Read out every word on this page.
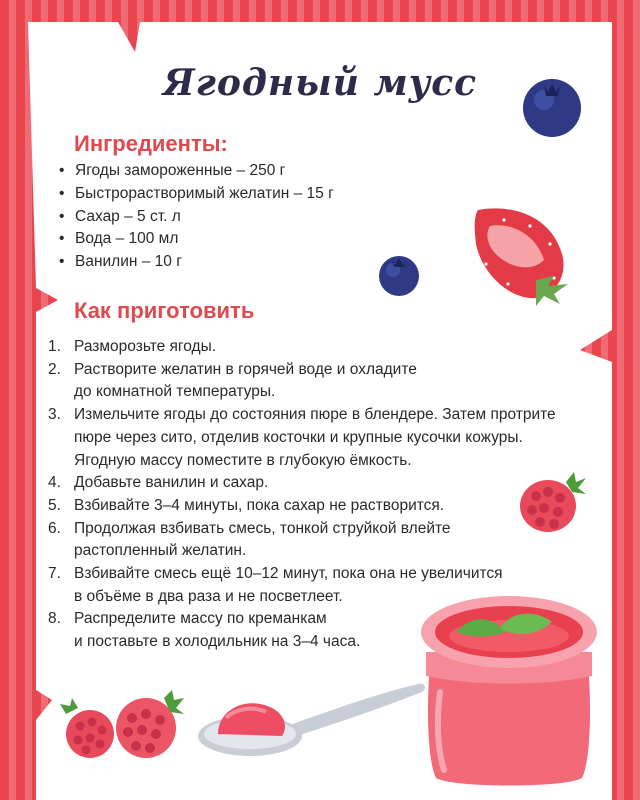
Ягодный мусс
Ингредиенты:
• Ягоды замороженные – 250 г
• Быстрорастворимый желатин – 15 г
• Сахар – 5 ст. л
• Вода – 100 мл
• Ванилин – 10 г
Как приготовить
1. Разморозьте ягоды.
2. Растворите желатин в горячей воде и охладите
до комнатной температуры.
3. Измельчите ягоды до состояния пюре в блендере. Затем протрите
пюре через сито, отделив косточки и крупные кусочки кожуры.
Ягодную массу поместите в глубокую ёмкость.
4. Добавьте ванилин и сахар.
5. Взбивайте 3–4 минуты, пока сахар не растворится.
6. Продолжая взбивать смесь, тонкой струйкой влейте
растопленный желатин.
7. Взбивайте смесь ещё 10–12 минут, пока она не увеличится
в объёме в два раза и не посветлеет.
8. Распределите массу по креманкам
и поставьте в холодильник на 3–4 часа.
